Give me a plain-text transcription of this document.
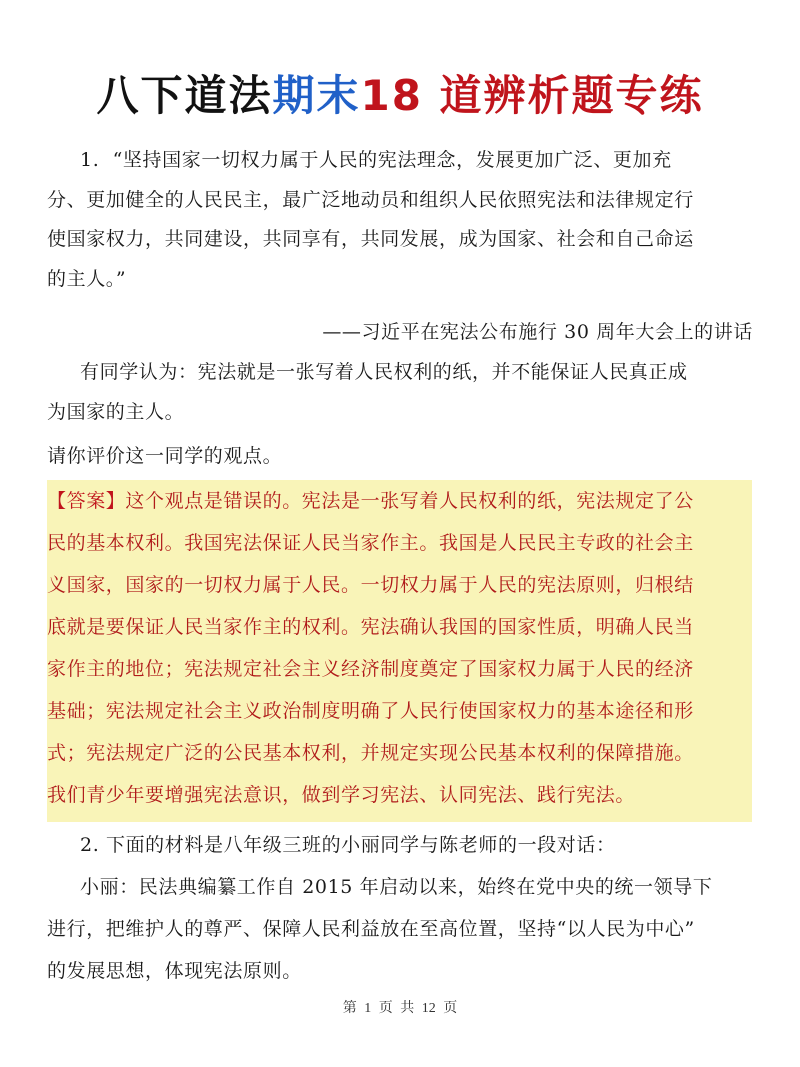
八下道法期末18 道辨析题专练
1. “坚持国家一切权力属于人民的宪法理念，发展更加广泛、更加充
分、更加健全的人民民主，最广泛地动员和组织人民依照宪法和法律规定行
使国家权力，共同建设，共同享有，共同发展，成为国家、社会和自己命运
的主人。”
——习近平在宪法公布施行 30 周年大会上的讲话
有同学认为：宪法就是一张写着人民权利的纸，并不能保证人民真正成
为国家的主人。
请你评价这一同学的观点。
【答案】这个观点是错误的。宪法是一张写着人民权利的纸，宪法规定了公
民的基本权利。我国宪法保证人民当家作主。我国是人民民主专政的社会主
义国家，国家的一切权力属于人民。一切权力属于人民的宪法原则，归根结
底就是要保证人民当家作主的权利。宪法确认我国的国家性质，明确人民当
家作主的地位；宪法规定社会主义经济制度奠定了国家权力属于人民的经济
基础；宪法规定社会主义政治制度明确了人民行使国家权力的基本途径和形
式；宪法规定广泛的公民基本权利，并规定实现公民基本权利的保障措施。
我们青少年要增强宪法意识，做到学习宪法、认同宪法、践行宪法。
2. 下面的材料是八年级三班的小丽同学与陈老师的一段对话：
小丽：民法典编纂工作自 2015 年启动以来，始终在党中央的统一领导下
进行，把维护人的尊严、保障人民利益放在至高位置，坚持“以人民为中心”
的发展思想，体现宪法原则。
第 1 页 共 12 页
